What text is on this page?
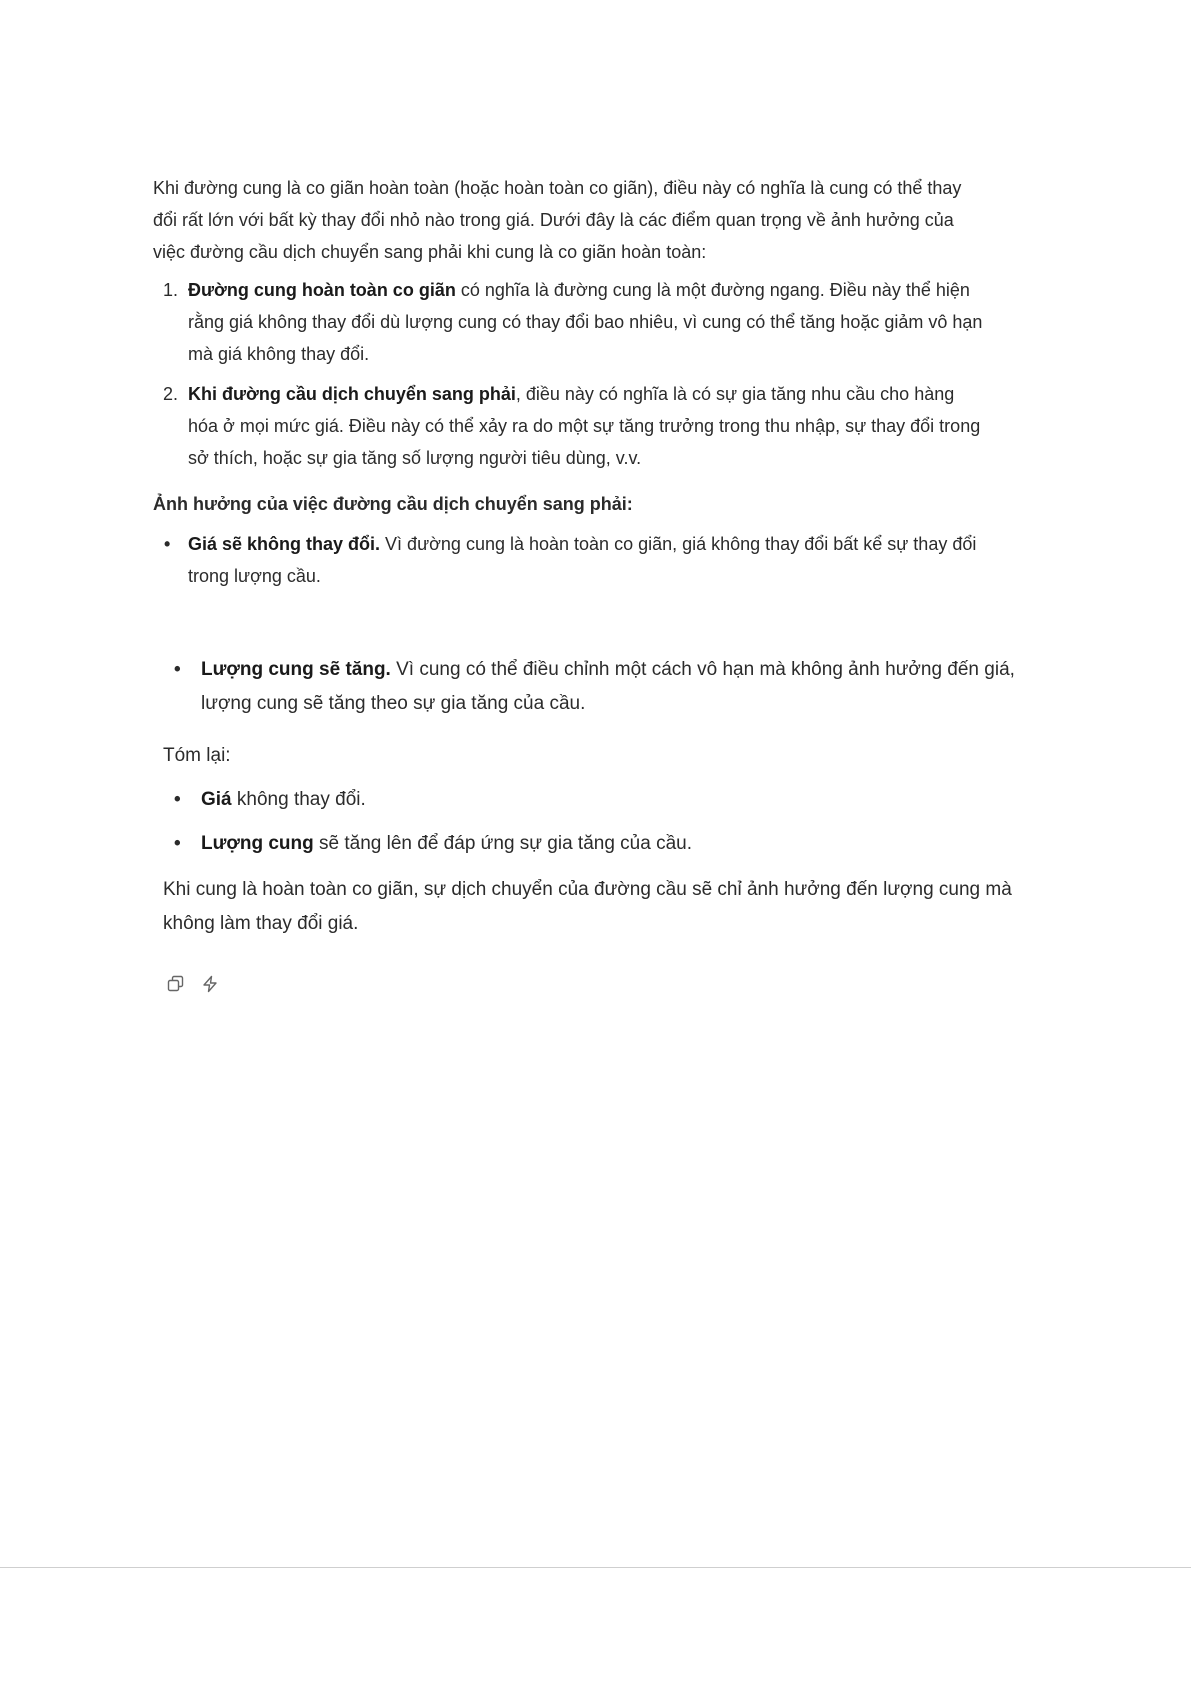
Khi đường cung là co giãn hoàn toàn (hoặc hoàn toàn co giãn), điều này có nghĩa là cung có thể thay đổi rất lớn với bất kỳ thay đổi nhỏ nào trong giá. Dưới đây là các điểm quan trọng về ảnh hưởng của việc đường cầu dịch chuyển sang phải khi cung là co giãn hoàn toàn:

1. Đường cung hoàn toàn co giãn có nghĩa là đường cung là một đường ngang. Điều này thể hiện rằng giá không thay đổi dù lượng cung có thay đổi bao nhiêu, vì cung có thể tăng hoặc giảm vô hạn mà giá không thay đổi.
2. Khi đường cầu dịch chuyển sang phải, điều này có nghĩa là có sự gia tăng nhu cầu cho hàng hóa ở mọi mức giá. Điều này có thể xảy ra do một sự tăng trưởng trong thu nhập, sự thay đổi trong sở thích, hoặc sự gia tăng số lượng người tiêu dùng, v.v.

Ảnh hưởng của việc đường cầu dịch chuyển sang phải:

• Giá sẽ không thay đổi. Vì đường cung là hoàn toàn co giãn, giá không thay đổi bất kể sự thay đổi trong lượng cầu.
• Lượng cung sẽ tăng. Vì cung có thể điều chỉnh một cách vô hạn mà không ảnh hưởng đến giá, lượng cung sẽ tăng theo sự gia tăng của cầu.

Tóm lại:

• Giá không thay đổi.
• Lượng cung sẽ tăng lên để đáp ứng sự gia tăng của cầu.

Khi cung là hoàn toàn co giãn, sự dịch chuyển của đường cầu sẽ chỉ ảnh hưởng đến lượng cung mà không làm thay đổi giá.
